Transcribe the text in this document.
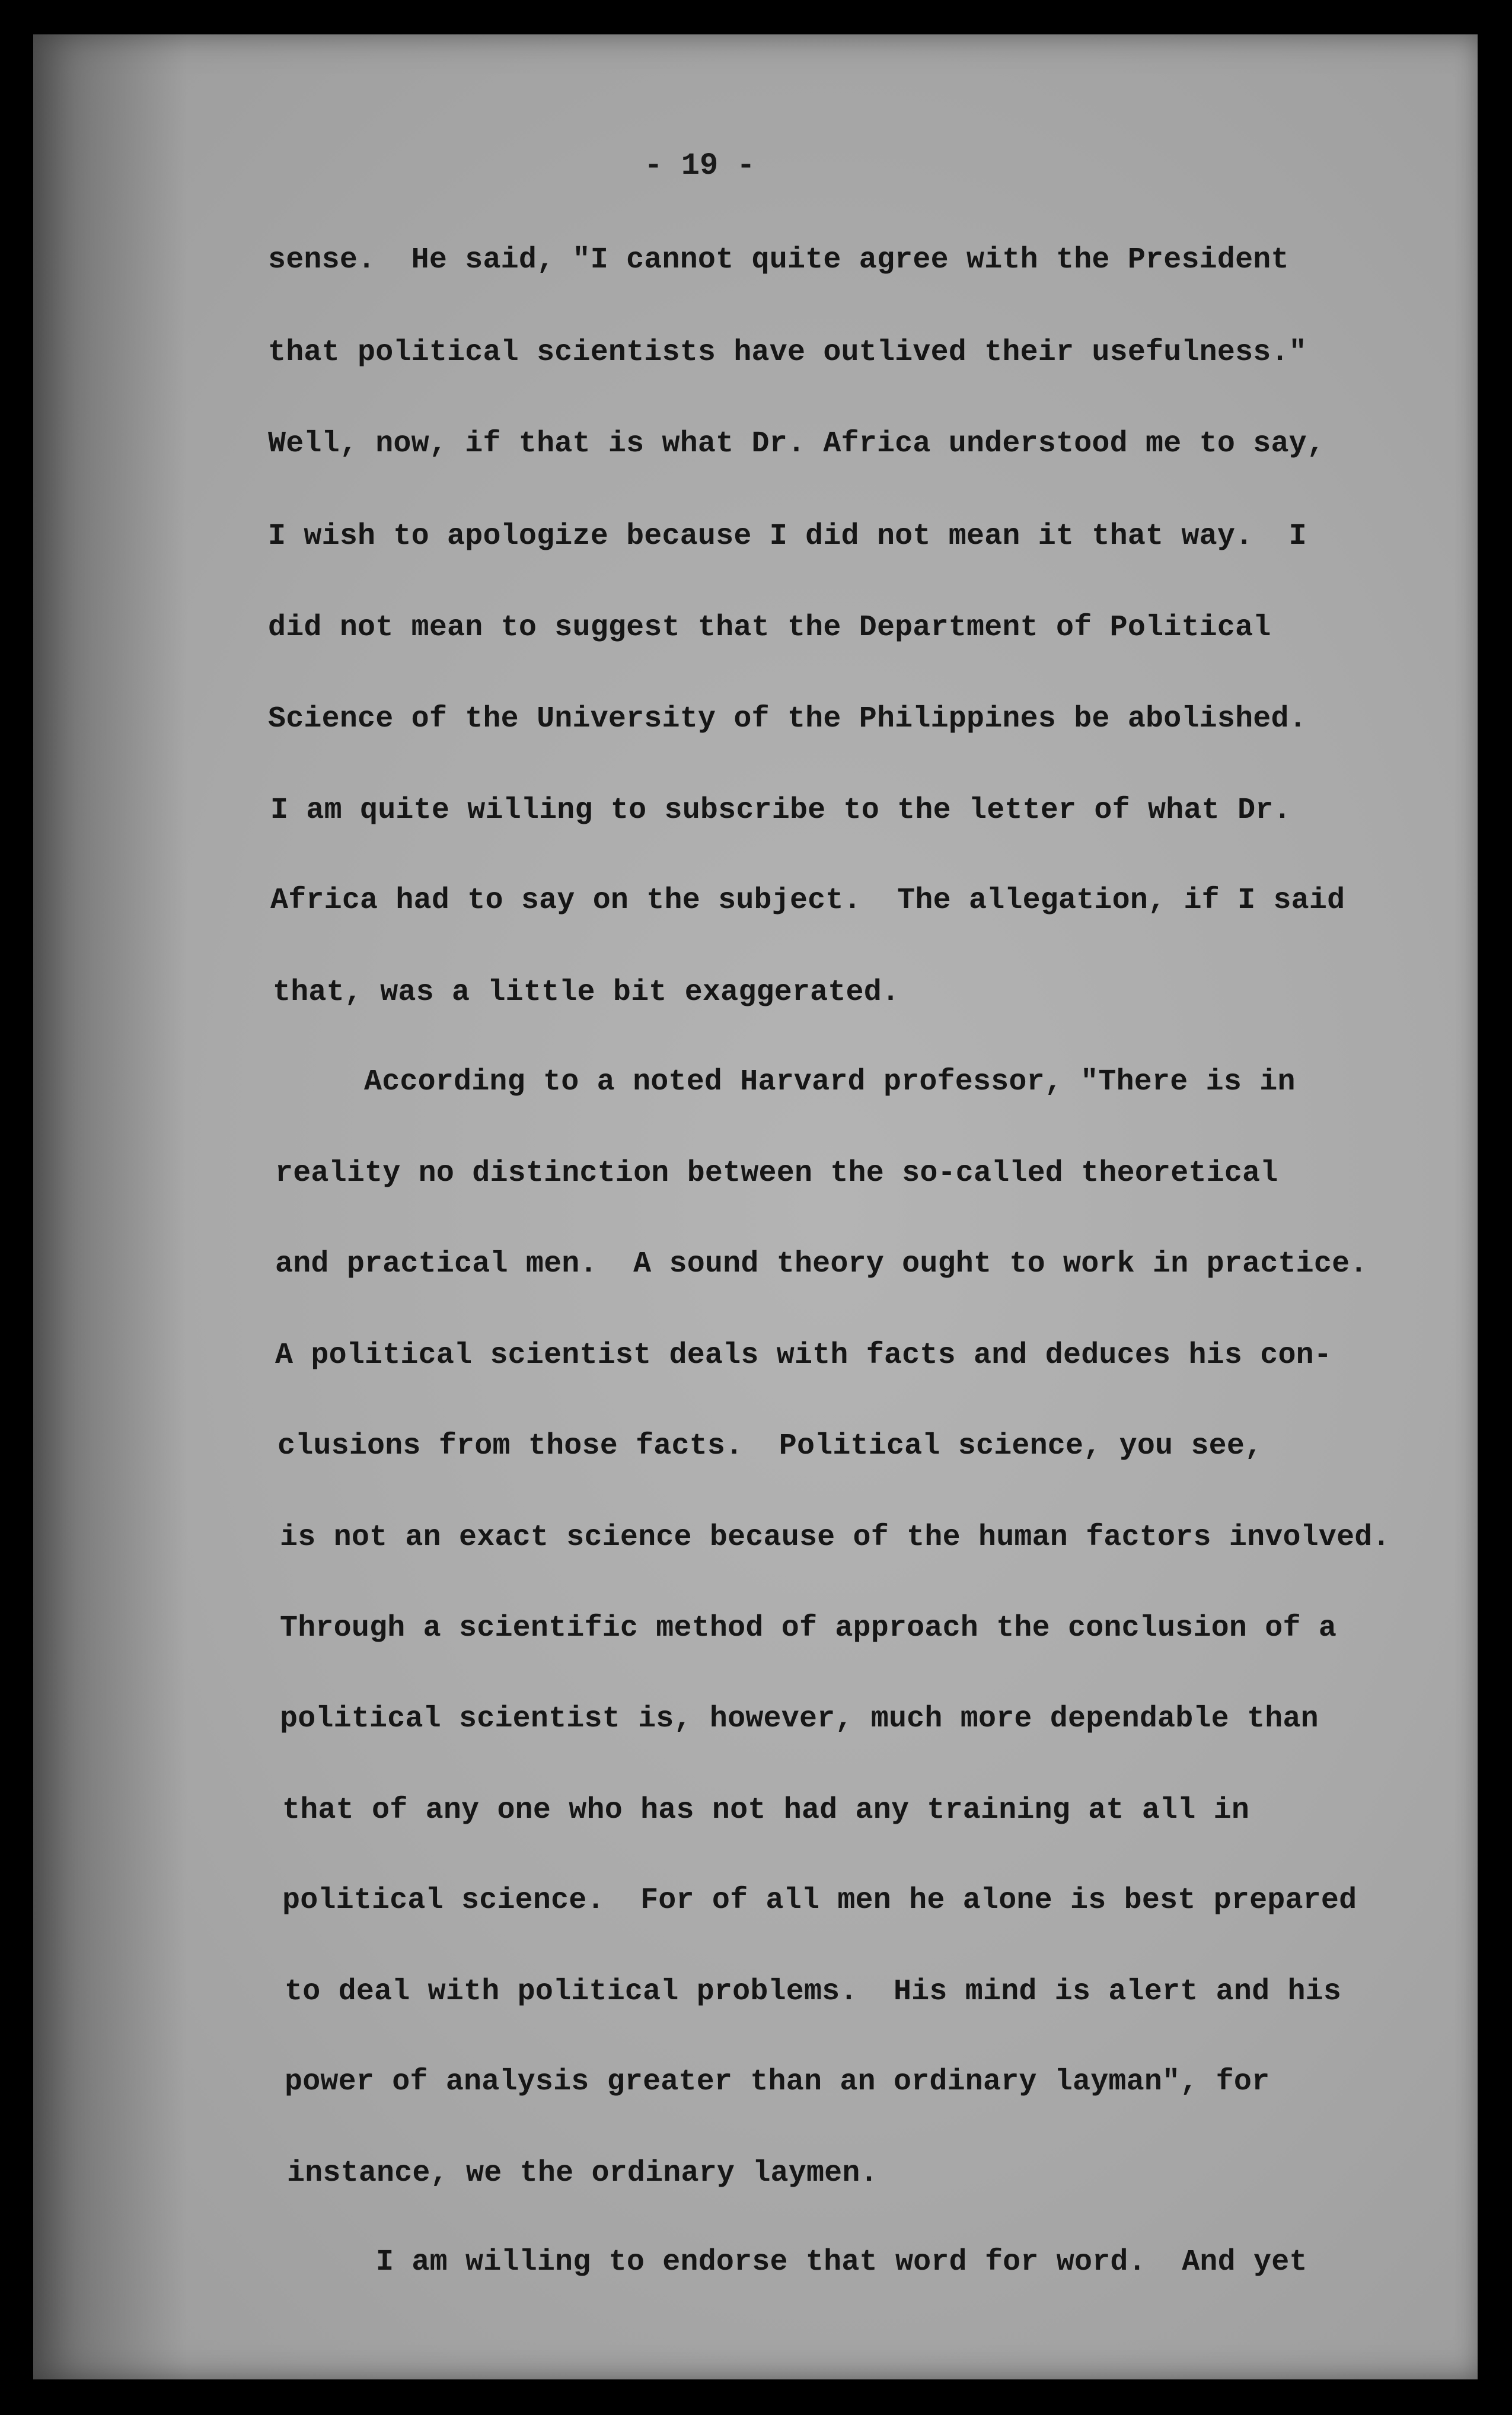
- 19 -
sense.  He said, "I cannot quite agree with the President
that political scientists have outlived their usefulness."
Well, now, if that is what Dr. Africa understood me to say,
I wish to apologize because I did not mean it that way.  I
did not mean to suggest that the Department of Political
Science of the University of the Philippines be abolished.
I am quite willing to subscribe to the letter of what Dr.
Africa had to say on the subject.  The allegation, if I said
that, was a little bit exaggerated.
According to a noted Harvard professor, "There is in
reality no distinction between the so-called theoretical
and practical men.  A sound theory ought to work in practice.
A political scientist deals with facts and deduces his con-
clusions from those facts.  Political science, you see,
is not an exact science because of the human factors involved.
Through a scientific method of approach the conclusion of a
political scientist is, however, much more dependable than
that of any one who has not had any training at all in
political science.  For of all men he alone is best prepared
to deal with political problems.  His mind is alert and his
power of analysis greater than an ordinary layman", for
instance, we the ordinary laymen.
I am willing to endorse that word for word.  And yet
